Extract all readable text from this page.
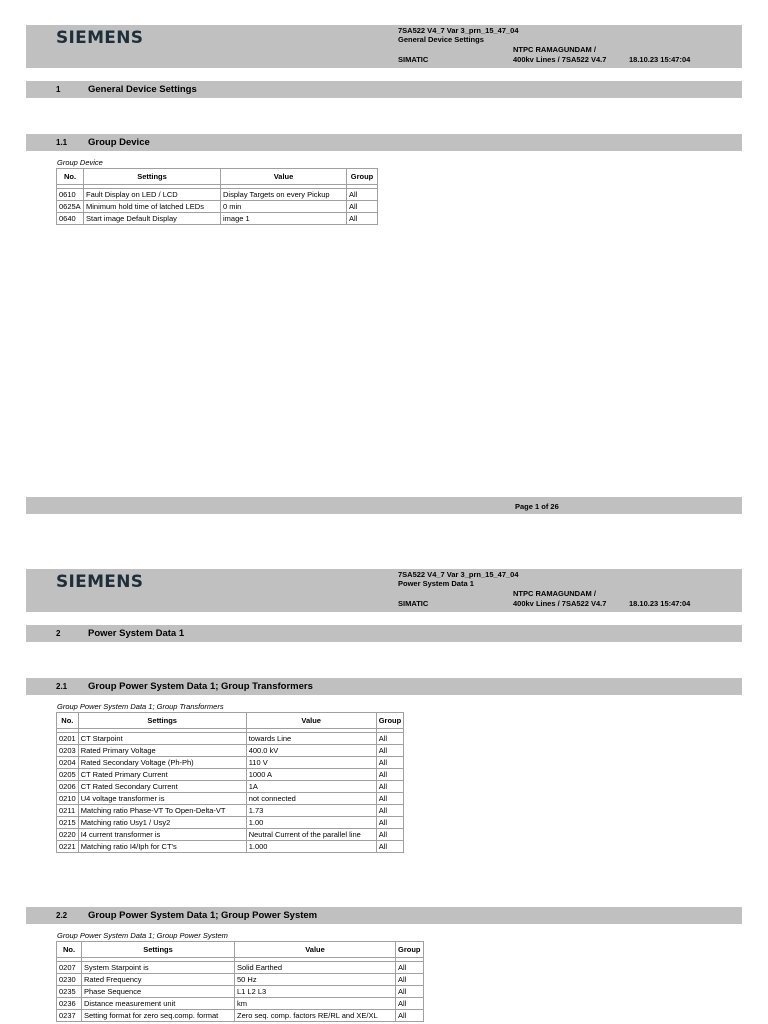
SIEMENS	7SA522 V4_7 Var 3_prn_15_47_04
General Device Settings
NTPC RAMAGUNDAM /
SIMATIC	400kv Lines / 7SA522 V4.7	18.10.23 15:47:04
1	General Device Settings
1.1 Group Device
Group Device
No.	Settings	Value	Group

0610	Fault Display on LED / LCD	Display Targets on every Pickup	All
0625A	Minimum hold time of latched LEDs	0 min	All
0640	Start image Default Display	image 1	All
Page 1 of 26
SIEMENS	7SA522 V4_7 Var 3_prn_15_47_04
Power System Data 1
NTPC RAMAGUNDAM /
SIMATIC	400kv Lines / 7SA522 V4.7	18.10.23 15:47:04
2	Power System Data 1
2.1 Group Power System Data 1; Group Transformers
Group Power System Data 1; Group Transformers
No.	Settings	Value	Group

0201	CT Starpoint	towards Line	All
0203	Rated Primary Voltage	400.0 kV	All
0204	Rated Secondary Voltage (Ph-Ph)	110 V	All
0205	CT Rated Primary Current	1000 A	All
0206	CT Rated Secondary Current	1A	All
0210	U4 voltage transformer is	not connected	All
0211	Matching ratio Phase-VT To Open-Delta-VT	1.73	All
0215	Matching ratio Usy1 / Usy2	1.00	All
0220	I4 current transformer is	Neutral Current of the parallel line	All
0221	Matching ratio I4/Iph for CT's	1.000	All
2.2 Group Power System Data 1; Group Power System
Group Power System Data 1; Group Power System
No.	Settings	Value	Group

0207	System Starpoint is	Solid Earthed	All
0230	Rated Frequency	50 Hz	All
0235	Phase Sequence	L1 L2 L3	All
0236	Distance measurement unit	km	All
0237	Setting format for zero seq.comp. format	Zero seq. comp. factors RE/RL and XE/XL	All
